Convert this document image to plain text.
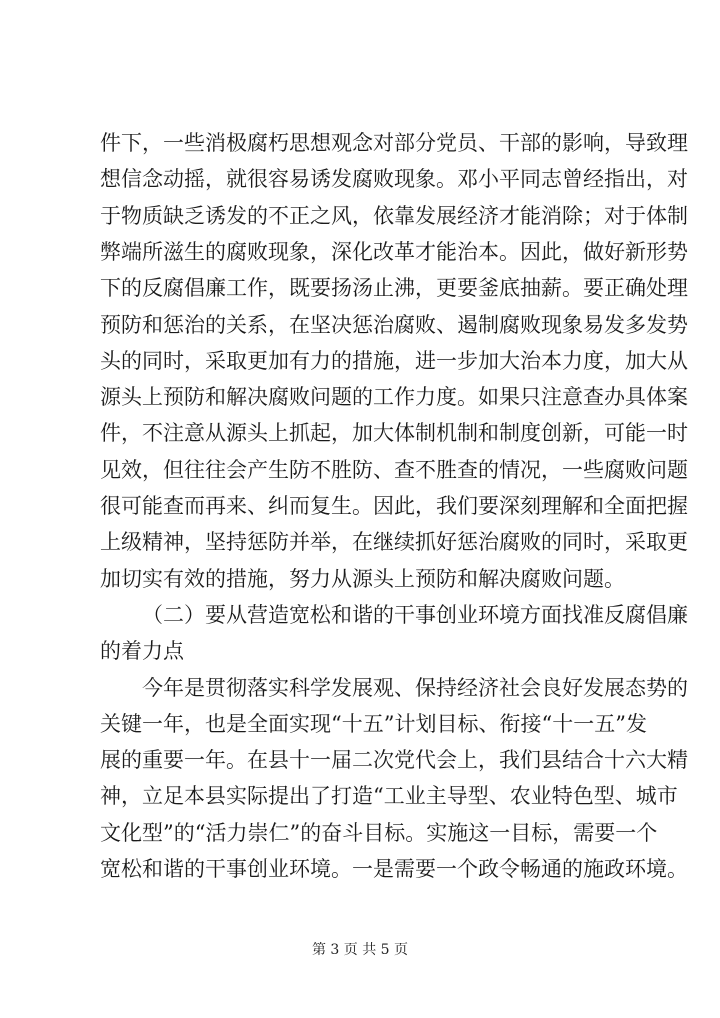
件下，一些消极腐朽思想观念对部分党员、干部的影响，导致理
想信念动摇，就很容易诱发腐败现象。邓小平同志曾经指出，对
于物质缺乏诱发的不正之风，依靠发展经济才能消除；对于体制
弊端所滋生的腐败现象，深化改革才能治本。因此，做好新形势
下的反腐倡廉工作，既要扬汤止沸，更要釜底抽薪。要正确处理
预防和惩治的关系，在坚决惩治腐败、遏制腐败现象易发多发势
头的同时，采取更加有力的措施，进一步加大治本力度，加大从
源头上预防和解决腐败问题的工作力度。如果只注意查办具体案
件，不注意从源头上抓起，加大体制机制和制度创新，可能一时
见效，但往往会产生防不胜防、查不胜查的情况，一些腐败问题
很可能查而再来、纠而复生。因此，我们要深刻理解和全面把握
上级精神，坚持惩防并举，在继续抓好惩治腐败的同时，采取更
加切实有效的措施，努力从源头上预防和解决腐败问题。
（二）要从营造宽松和谐的干事创业环境方面找准反腐倡廉
的着力点
今年是贯彻落实科学发展观、保持经济社会良好发展态势的
关键一年，也是全面实现“十五”计划目标、衔接“十一五”发
展的重要一年。在县十一届二次党代会上，我们县结合十六大精
神，立足本县实际提出了打造“工业主导型、农业特色型、城市
文化型”的“活力崇仁”的奋斗目标。实施这一目标，需要一个
宽松和谐的干事创业环境。一是需要一个政令畅通的施政环境。
第 3 页 共 5 页
